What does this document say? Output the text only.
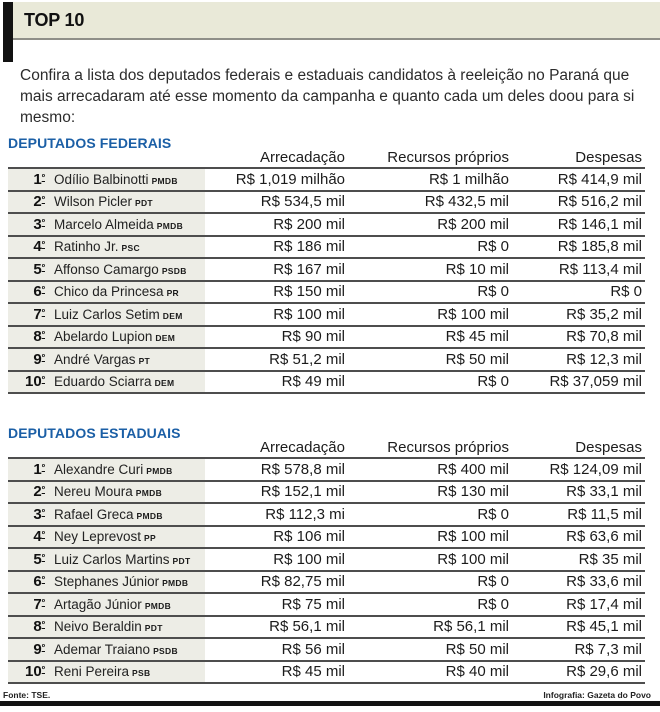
TOP 10

Confira a lista dos deputados federais e estaduais candidatos à reeleição no Paraná que mais arrecadaram até esse momento da campanha e quanto cada um deles doou para si mesmo:

DEPUTADOS FEDERAIS
Arrecadação	Recursos próprios	Despesas
$1^º$ Odílio Balbinotti PMDB	R$ 1,019 milhão	R$ 1 milhão	R$ 414,9 mil
$2^º$ Wilson Picler PDT	R$ 534,5 mil	R$ 432,5 mil	R$ 516,2 mil
$3^º$ Marcelo Almeida PMDB	R$ 200 mil	R$ 200 mil	R$ 146,1 mil
$4^º$ Ratinho Jr. PSC	R$ 186 mil	R$ 0	R$ 185,8 mil
$5^º$ Affonso Camargo PSDB	R$ 167 mil	R$ 10 mil	R$ 113,4 mil
$6^º$ Chico da Princesa PR	R$ 150 mil	R$ 0	R$ 0
$7^º$ Luiz Carlos Setim DEM	R$ 100 mil	R$ 100 mil	R$ 35,2 mil
$8^º$ Abelardo Lupion DEM	R$ 90 mil	R$ 45 mil	R$ 70,8 mil
$9^º$ André Vargas PT	R$ 51,2 mil	R$ 50 mil	R$ 12,3 mil
$10^º$ Eduardo Sciarra DEM	R$ 49 mil	R$ 0	R$ 37,059 mil
DEPUTADOS ESTADUAIS
Arrecadação	Recursos próprios	Despesas
$1^º$ Alexandre Curi PMDB	R$ 578,8 mil	R$ 400 mil	R$ 124,09 mil
$2^º$ Nereu Moura PMDB	R$ 152,1 mil	R$ 130 mil	R$ 33,1 mil
$3^º$ Rafael Greca PMDB	R$ 112,3 mi	R$ 0	R$ 11,5 mil
$4^º$ Ney Leprevost PP	R$ 106 mil	R$ 100 mil	R$ 63,6 mil
$5^º$ Luiz Carlos Martins PDT	R$ 100 mil	R$ 100 mil	R$ 35 mil
$6^º$ Stephanes Júnior PMDB	R$ 82,75 mil	R$ 0	R$ 33,6 mil
$7^º$ Artagão Júnior PMDB	R$ 75 mil	R$ 0	R$ 17,4 mil
$8^º$ Neivo Beraldin PDT	R$ 56,1 mil	R$ 56,1 mil	R$ 45,1 mil
$9^º$ Ademar Traiano PSDB	R$ 56 mil	R$ 50 mil	R$ 7,3 mil
$10^º$ Reni Pereira PSB	R$ 45 mil	R$ 40 mil	R$ 29,6 mil
Fonte: TSE.	Infografia: Gazeta do Povo
